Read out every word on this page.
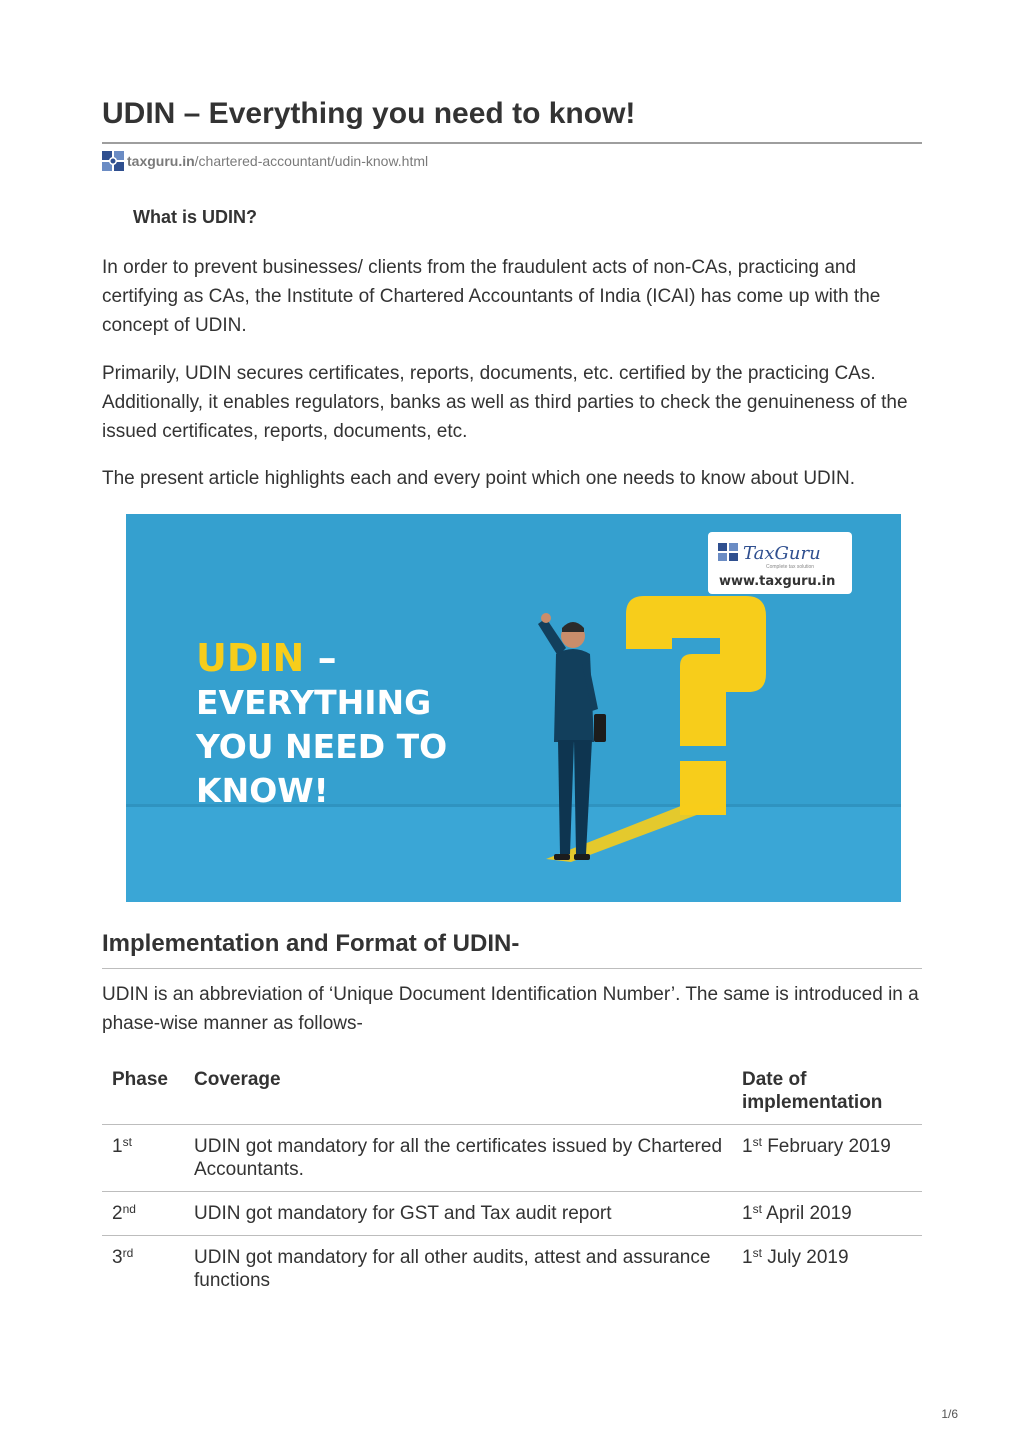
UDIN – Everything you need to know!
taxguru.in /chartered-accountant/udin-know.html
What is UDIN?

In order to prevent businesses/ clients from the fraudulent acts of non-CAs, practicing and certifying as CAs, the Institute of Chartered Accountants of India (ICAI) has come up with the concept of UDIN.

Primarily, UDIN secures certificates, reports, documents, etc. certified by the practicing CAs. Additionally, it enables regulators, banks as well as third parties to check the genuineness of the issued certificates, reports, documents, etc.

The present article highlights each and every point which one needs to know about UDIN.

TaxGuru
Complete tax solution
www.taxguru.in
UDIN –
EVERYTHING
YOU NEED TO
KNOW!
Implementation and Format of UDIN-

UDIN is an abbreviation of ‘Unique Document Identification Number’. The same is introduced in a phase-wise manner as follows-

Phase	Coverage	Date of implementation
1st	UDIN got mandatory for all the certificates issued by Chartered Accountants.	1st February 2019
2nd	UDIN got mandatory for GST and Tax audit report	1st April 2019
3rd	UDIN got mandatory for all other audits, attest and assurance functions	1st July 2019
1/6
